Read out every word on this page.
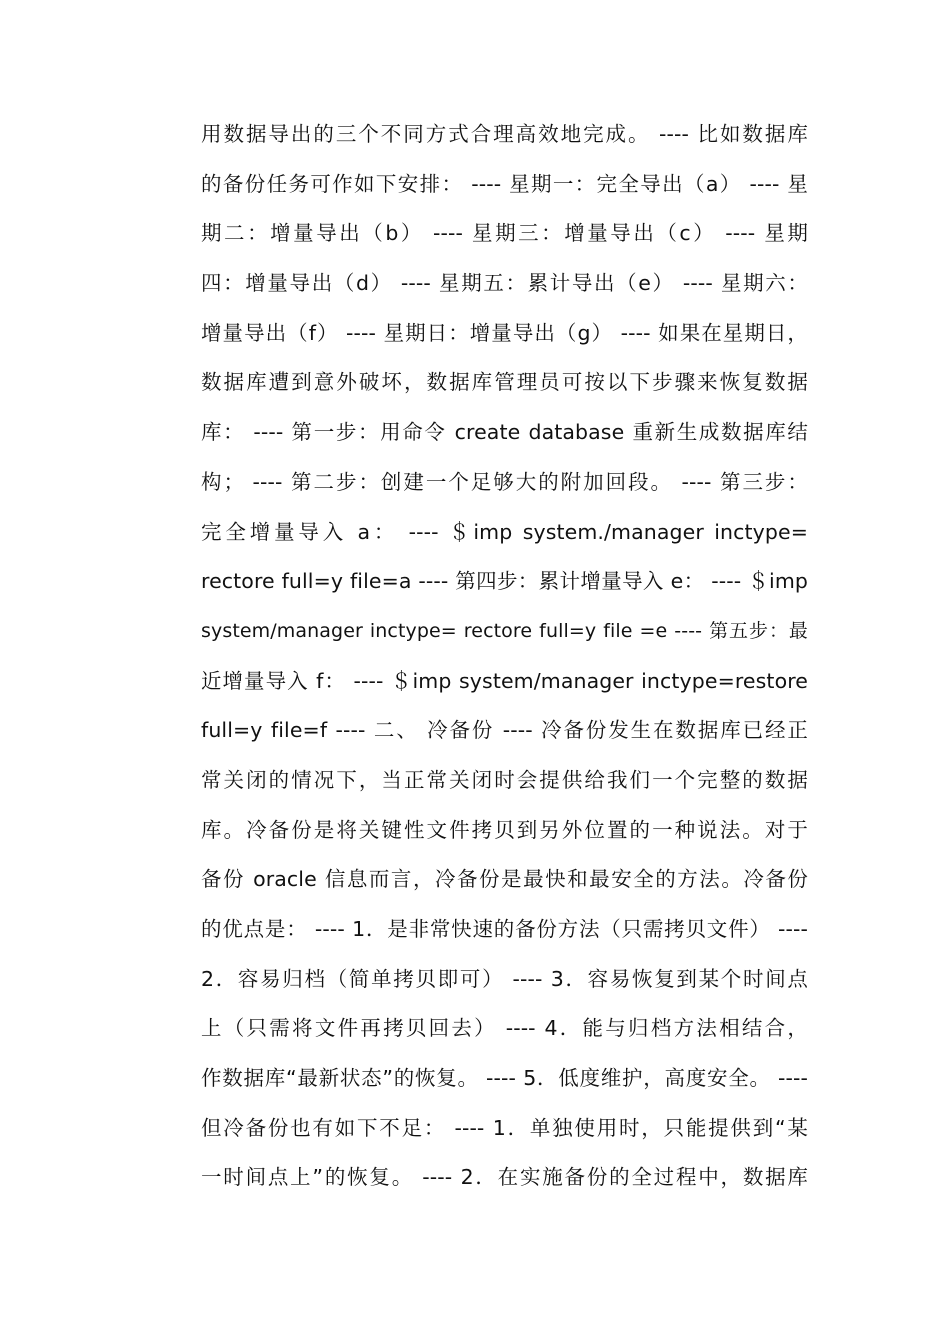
用数据导出的三个不同方式合理高效地完成。 ---- 比如数据库
的备份任务可作如下安排： ---- 星期一：完全导出（a） ---- 星
期二：增量导出（b） ---- 星期三：增量导出（c） ---- 星期
四：增量导出（d） ---- 星期五：累计导出（e） ---- 星期六：
增量导出（f） ---- 星期日：增量导出（g） ---- 如果在星期日，
数据库遭到意外破坏，数据库管理员可按以下步骤来恢复数据
库： ---- 第一步：用命令 create database 重新生成数据库结
构； ---- 第二步：创建一个足够大的附加回段。 ---- 第三步：
完全增量导入 a： ---- ＄imp system./manager inctype=
rectore full=y file=a ---- 第四步：累计增量导入 e： ---- ＄imp
system/manager inctype= rectore full=y file =e ---- 第五步：最
近增量导入 f： ---- ＄imp system/manager inctype=restore
full=y file=f ---- 二、 冷备份 ---- 冷备份发生在数据库已经正
常关闭的情况下，当正常关闭时会提供给我们一个完整的数据
库。冷备份是将关键性文件拷贝到另外位置的一种说法。对于
备份 oracle 信息而言，冷备份是最快和最安全的方法。冷备份
的优点是： ---- 1．是非常快速的备份方法（只需拷贝文件） ----
2．容易归档（简单拷贝即可） ---- 3．容易恢复到某个时间点
上（只需将文件再拷贝回去） ---- 4．能与归档方法相结合，
作数据库“最新状态”的恢复。 ---- 5．低度维护，高度安全。 ----
但冷备份也有如下不足： ---- 1．单独使用时，只能提供到“某
一时间点上”的恢复。 ---- 2．在实施备份的全过程中，数据库
